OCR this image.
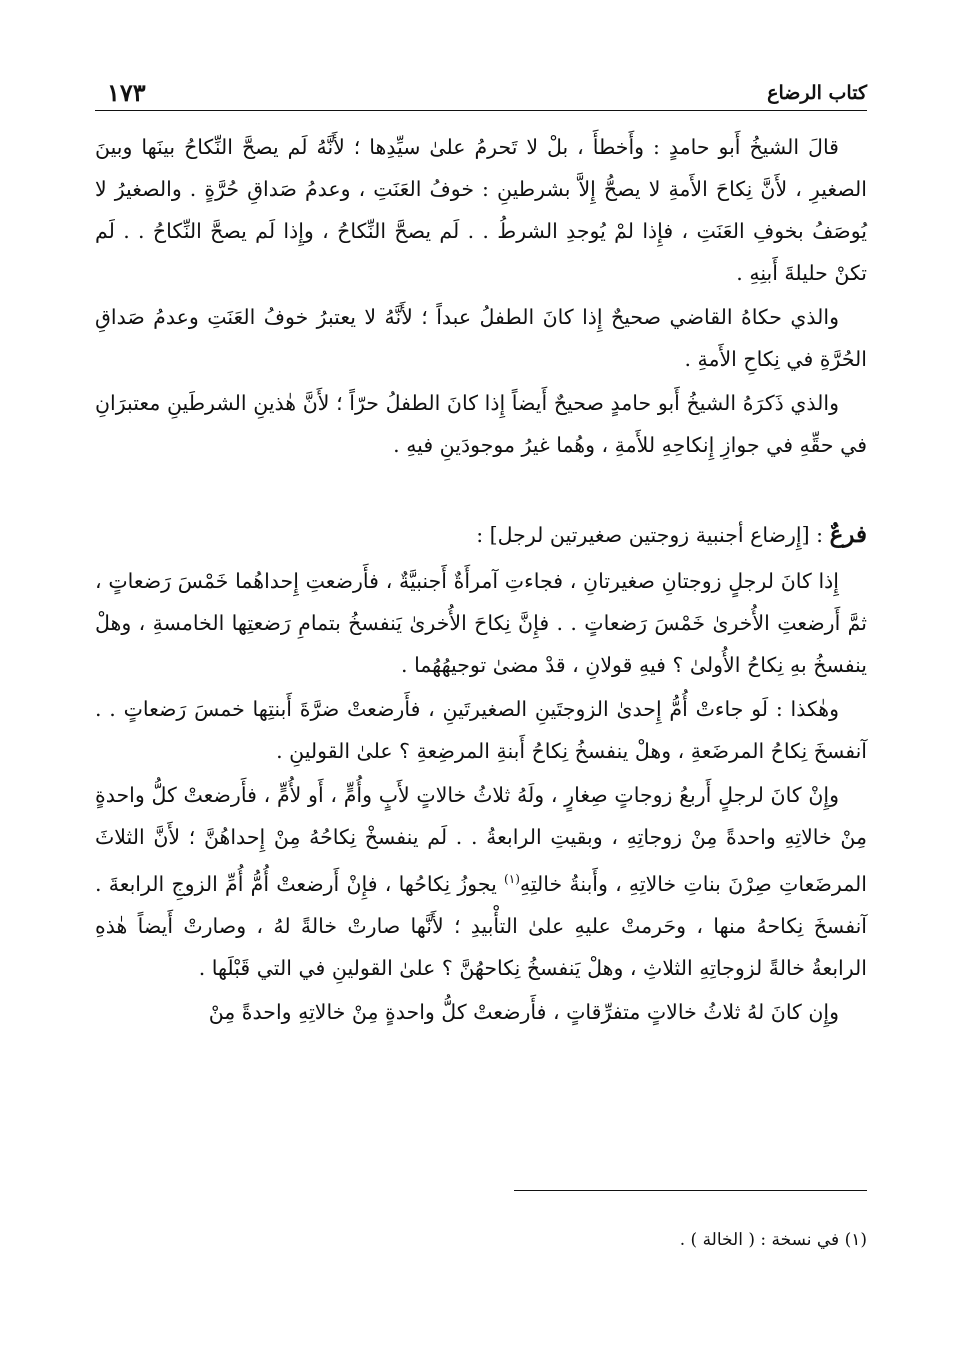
كتاب الرضاع
١٧٣

قالَ الشيخُ أَبو حامدٍ : وأَخطأَ ، بلْ لا تَحرمُ علىٰ سيِّدِها ؛ لأَنَّهُ لَم يصحَّ النِّكاحُ بينَها وبينَ الصغيرِ ، لأَنَّ نِكاحَ الأَمةِ لا يصحُّ إِلاَّ بشرطينِ : خوفُ العَنَتِ ، وعدمُ صَداقِ حُرَّةٍ . والصغيرُ لا يُوصَفُ بخوفِ العَنَتِ ، فإِذا لمْ يُوجدِ الشرطُ . . لَم يصحَّ النِّكاحُ ، وإِذا لَم يصحَّ النِّكاحُ . . لَم تكنْ حليلةَ أَبنِهِ .

والذي حكاهُ القاضي صحيحٌ إِذا كانَ الطفلُ عبداً ؛ لأَنَّهُ لا يعتبرُ خوفُ العَنَتِ وعدمُ صَداقِ الحُرَّةِ في نِكاحِ الأَمةِ .

والذي ذَكرَهُ الشيخُ أَبو حامدٍ صحيحٌ أَيضاً إِذا كانَ الطفلُ حرّاً ؛ لأَنَّ هٰذينِ الشرطَينِ معتبرَانِ في حقِّهِ في جوازِ إِنكاحِهِ للأَمةِ ، وهُما غيرُ موجودَينِ فيهِ .

فرعٌ : [إِرضاع أجنبية زوجتين صغيرتين لرجل] :

إِذا كانَ لرجلٍ زوجتانِ صغيرتانِ ، فجاءتِ آمرأَةٌ أَجنبيَّةٌ ، فأَرضعتِ إِحداهُما خَمْسَ رَضعاتٍ ، ثمَّ أَرضعتِ الأُخرىٰ خَمْسَ رَضعاتٍ . . فإِنَّ نِكاحَ الأُخرىٰ يَنفسخُ بتمامِ رَضعتِها الخامسةِ ، وهلْ ينفسخُ بهِ نِكاحُ الأُولىٰ ؟ فيهِ قولانِ ، قدْ مضىٰ توجيهُهُما .

وهٰكذا : لَو جاءتْ أُمُّ إِحدىٰ الزوجتَينِ الصغيرتَينِ ، فأَرضعتْ ضرَّةَ أَبنتِها خمسَ رَضعاتٍ . . آنفسخَ نِكاحُ المرضَعةِ ، وهلْ ينفسخُ نِكاحُ أَبنةِ المرضِعةِ ؟ علىٰ القولينِ .

وإِنْ كانَ لرجلٍ أَربعُ زوجاتٍ صِغارٍ ، ولَهُ ثلاثُ خالاتٍ لأَبٍ وأُمٍّ ، أَو لأُمٍّ ، فأَرضعتْ كلُّ واحدةٍ مِنْ خالاتِهِ واحدةً مِنْ زوجاتِهِ ، وبقيتِ الرابعةُ . . لَم ينفسخْ نِكاحُهُ مِنْ إِحداهُنَّ ؛ لأَنَّ الثلاثَ المرضَعاتِ صِرْنَ بناتِ خالاتِهِ ، وأَبنةُ خالتِهِ$^{(١)}$ يجوزُ نِكاحُها ، فإِنْ أَرضعتْ أُمُّ أُمِّ الزوجِ الرابعةَ . آنفسخَ نِكاحهُ منها ، وحَرمتْ عليهِ علىٰ التأْبيدِ ؛ لأَنَّها صارتْ خالةً لهُ ، وصارتْ أَيضاً هٰذهِ الرابعةُ خالةً لزوجاتِهِ الثلاثِ ، وهلْ يَنفسخُ نِكاحهُنَّ ؟ علىٰ القولينِ في التي قَبْلَها .

وإِن كانَ لهُ ثلاثُ خالاتٍ متفرِّقاتٍ ، فأَرضعتْ كلُّ واحدةٍ مِنْ خالاتِهِ واحدةً مِنْ

(١) في نسخة : ( الخالة ) .
